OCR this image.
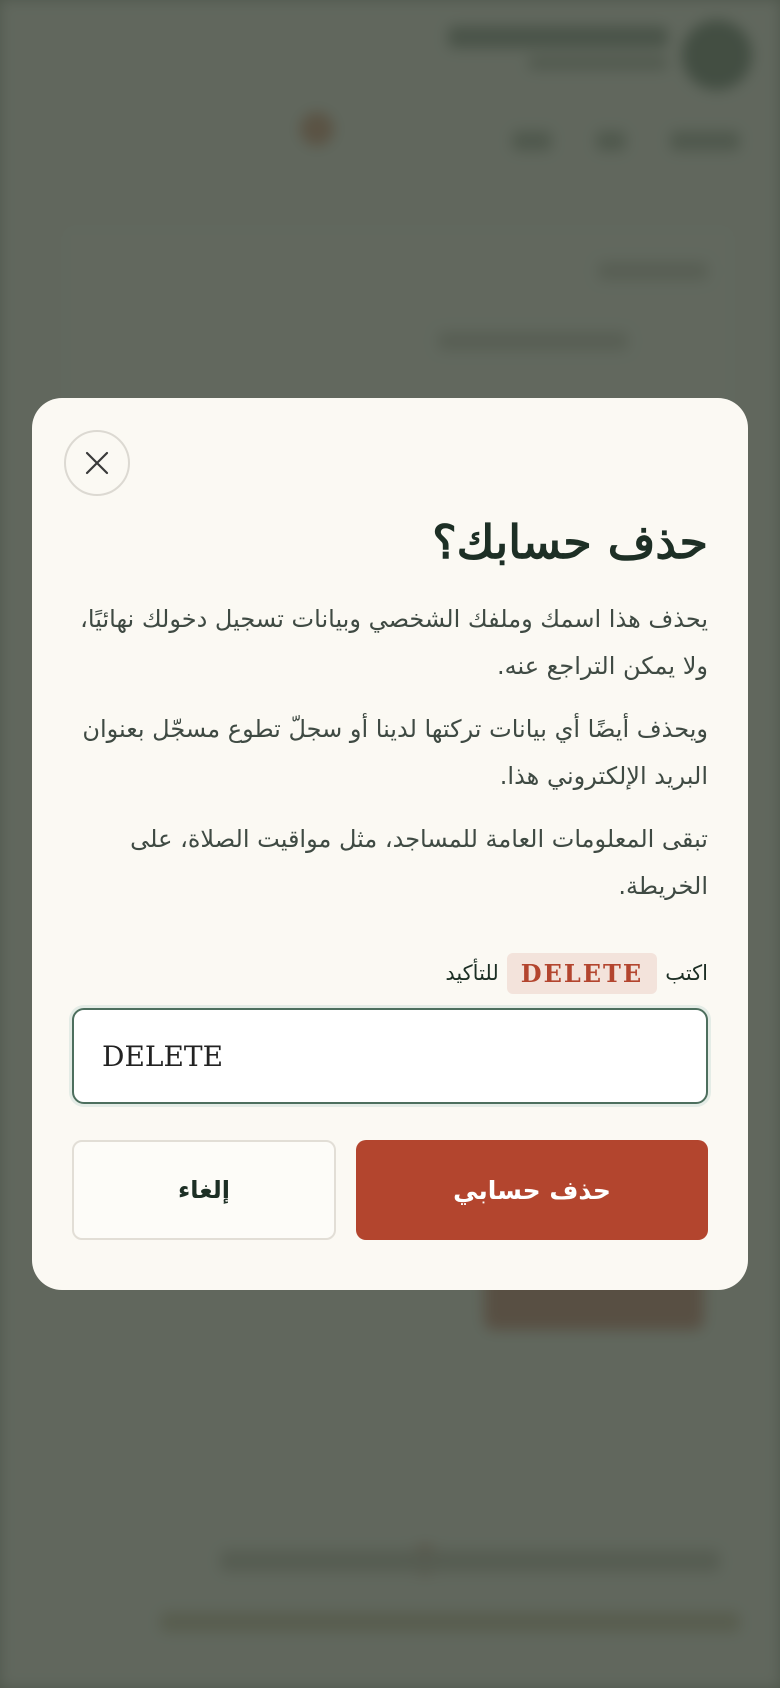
حذف حسابك؟

يحذف هذا اسمك وملفك الشخصي وبيانات تسجيل دخولك نهائيًا، ولا يمكن التراجع عنه.

ويحذف أيضًا أي بيانات تركتها لدينا أو سجلّ تطوع مسجّل بعنوان البريد الإلكتروني هذا.

تبقى المعلومات العامة للمساجد، مثل مواقيت الصلاة، على الخريطة.

اكتب
DELETE
للتأكيد
DELETE
حذف حسابي
إلغاء
